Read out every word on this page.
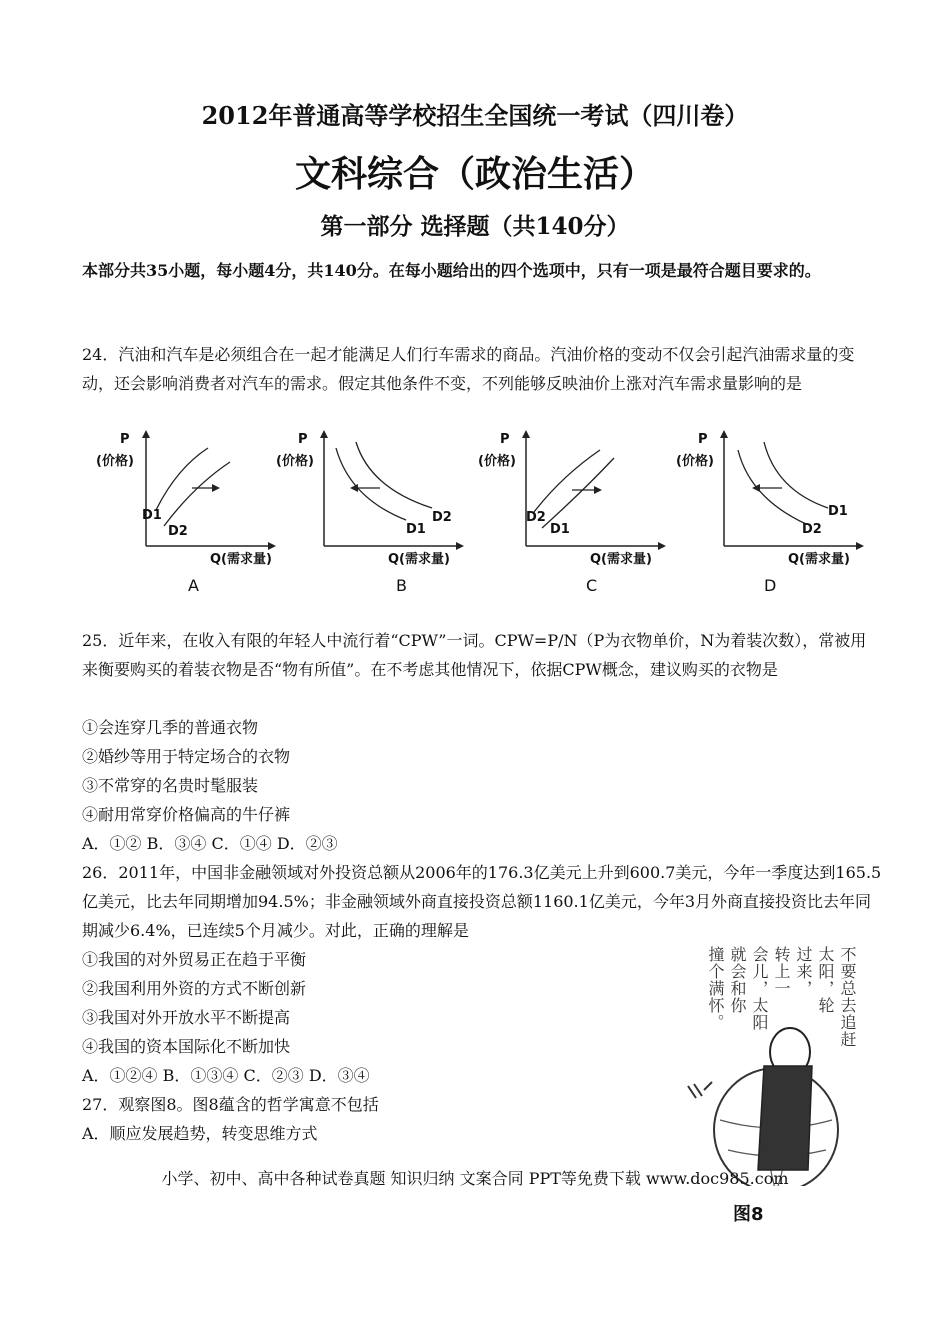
2012年普通高等学校招生全国统一考试（四川卷）
文科综合（政治生活）
第一部分 选择题（共140分）
本部分共35小题，每小题4分，共140分。在每小题给出的四个选项中，只有一项是最符合题目要求的。
24．汽油和汽车是必须组合在一起才能满足人们行车需求的商品。汽油价格的变动不仅会引起汽油需求量的变动，还会影响消费者对汽车的需求。假定其他条件不变，不列能够反映油价上涨对汽车需求量影响的是
P
(价格)
D1
D2
Q(需求量)
A
P
(价格)
D2
D1
Q(需求量)
B
P
(价格)
D2
D1
Q(需求量)
C
P
(价格)
D1
D2
Q(需求量)
D
25．近年来，在收入有限的年轻人中流行着“CPW”一词。CPW=P/N（P为衣物单价，N为着装次数），常被用来衡要购买的着装衣物是否“物有所值”。在不考虑其他情况下，依据CPW概念，建议购买的衣物是
①会连穿几季的普通衣物
②婚纱等用于特定场合的衣物
③不常穿的名贵时髦服装
④耐用常穿价格偏高的牛仔裤
A．①② B．③④ C．①④ D．②③
26．2011年，中国非金融领域对外投资总额从2006年的176.3亿美元上升到600.7美元，今年一季度达到165.5亿美元，比去年同期增加94.5%；非金融领域外商直接投资总额1160.1亿美元，今年3月外商直接投资比去年同期减少6.4%，已连续5个月减少。对此，正确的理解是
①我国的对外贸易正在趋于平衡
②我国利用外资的方式不断创新
③我国对外开放水平不断提高
④我国的资本国际化不断加快
A．①②④ B．①③④ C．②③ D．③④
27．观察图8。图8蕴含的哲学寓意不包括
A．顺应发展趋势，转变思维方式
不要总去追赶
太阳，轮
过来，
转上一
会儿，太阳
就会和你
撞个满怀。
小学、初中、高中各种试卷真题 知识归纳 文案合同 PPT等免费下载 www.doc985.com
图8
